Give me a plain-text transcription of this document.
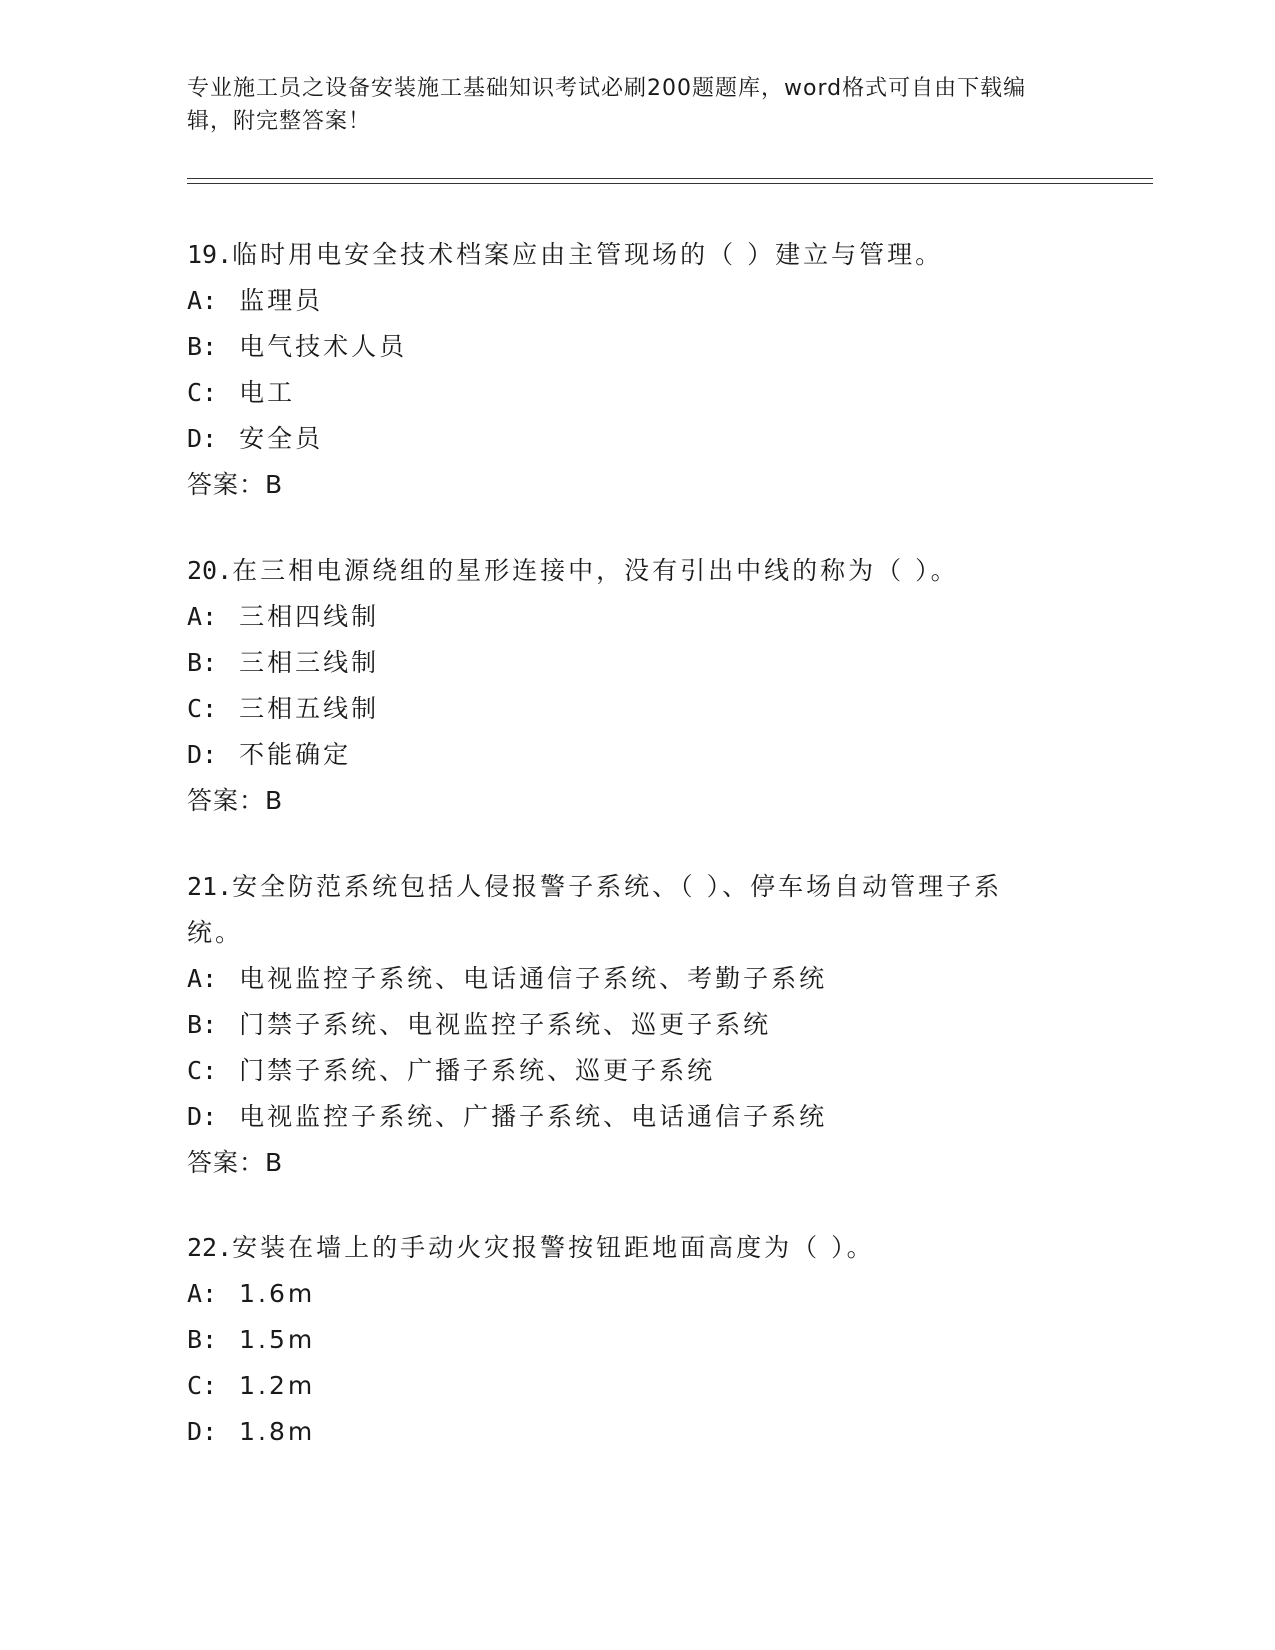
专业施工员之设备安装施工基础知识考试必刷200题题库，word格式可自由下载编辑，附完整答案！
19.临时用电安全技术档案应由主管现场的（ ）建立与管理。
A: 监理员
B: 电气技术人员
C: 电工
D: 安全员
答案：B
20.在三相电源绕组的星形连接中，没有引出中线的称为（ ）。
A: 三相四线制
B: 三相三线制
C: 三相五线制
D: 不能确定
答案：B
21.安全防范系统包括人侵报警子系统、（ ）、停车场自动管理子系统。
A: 电视监控子系统、电话通信子系统、考勤子系统
B: 门禁子系统、电视监控子系统、巡更子系统
C: 门禁子系统、广播子系统、巡更子系统
D: 电视监控子系统、广播子系统、电话通信子系统
答案：B
22.安装在墙上的手动火灾报警按钮距地面高度为（ ）。
A: 1.6m
B: 1.5m
C: 1.2m
D: 1.8m
